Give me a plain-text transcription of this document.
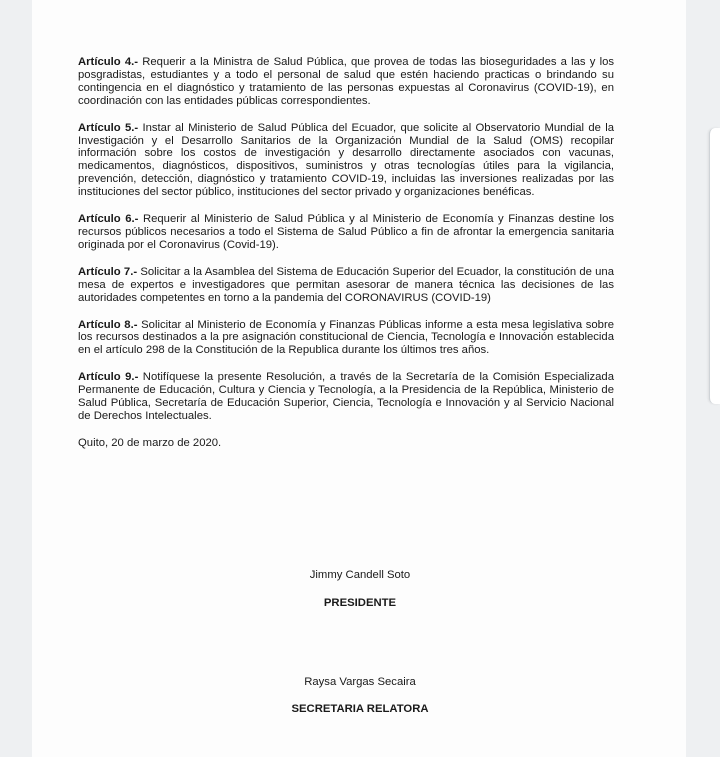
Artículo 4.- Requerir a la Ministra de Salud Pública, que provea de todas las bioseguridades a las y los posgradistas, estudiantes y a todo el personal de salud que estén haciendo practicas o brindando su contingencia en el diagnóstico y tratamiento de las personas expuestas al Coronavirus (COVID-19), en coordinación con las entidades públicas correspondientes.

Artículo 5.- Instar al Ministerio de Salud Pública del Ecuador, que solicite al Observatorio Mundial de la Investigación y el Desarrollo Sanitarios de la Organización Mundial de la Salud (OMS) recopilar información sobre los costos de investigación y desarrollo directamente asociados con vacunas, medicamentos, diagnósticos, dispositivos, suministros y otras tecnologías útiles para la vigilancia, prevención, detección, diagnóstico y tratamiento COVID-19, incluidas las inversiones realizadas por las instituciones del sector público, instituciones del sector privado y organizaciones benéficas.

Artículo 6.- Requerir al Ministerio de Salud Pública y al Ministerio de Economía y Finanzas destine los recursos públicos necesarios a todo el Sistema de Salud Público a fin de afrontar la emergencia sanitaria originada por el Coronavirus (Covid-19).

Artículo 7.- Solicitar a la Asamblea del Sistema de Educación Superior del Ecuador, la constitución de una mesa de expertos e investigadores que permitan asesorar de manera técnica las decisiones de las autoridades competentes en torno a la pandemia del CORONAVIRUS (COVID-19)

Artículo 8.- Solicitar al Ministerio de Economía y Finanzas Públicas informe a esta mesa legislativa sobre los recursos destinados a la pre asignación constitucional de Ciencia, Tecnología e Innovación establecida en el artículo 298 de la Constitución de la Republica durante los últimos tres años.

Artículo 9.- Notifíquese la presente Resolución, a través de la Secretaría de la Comisión Especializada Permanente de Educación, Cultura y Ciencia y Tecnología, a la Presidencia de la República, Ministerio de Salud Pública, Secretaría de Educación Superior, Ciencia, Tecnología e Innovación y al Servicio Nacional de Derechos Intelectuales.

Quito, 20 de marzo de 2020.

Jimmy Candell Soto
PRESIDENTE
Raysa Vargas Secaira
SECRETARIA RELATORA
